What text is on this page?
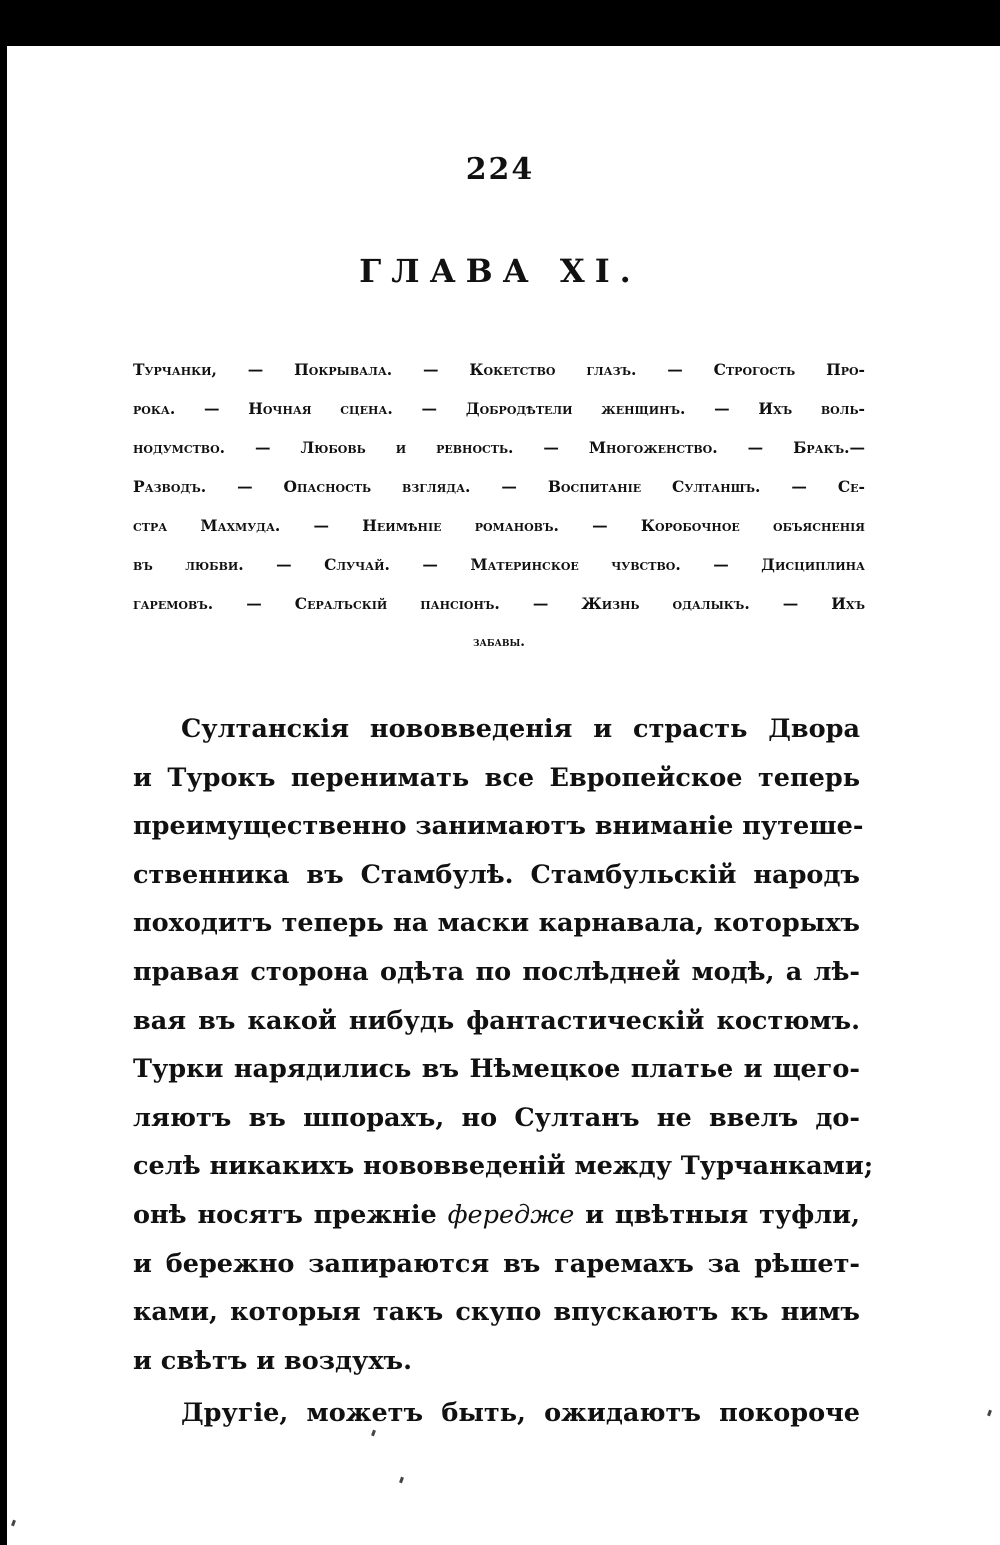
224
ГЛАВА XI.
Турчанки, — Покрывала. — Кокетство глазъ. — Строгость Про-
рока. — Ночная сцена. — Добродѣтели женщинъ. — Ихъ воль-
нодумство. — Любовь и ревность. — Многоженство. — Бракъ.—
Разводъ. — Опасность взгляда. — Воспитанiе Султаншъ. — Се-
стра Махмуда. — Неимѣнiе романовъ. — Коробочное объясненiя
въ любви. — Случай. — Материнское чувство. — Дисциплина
гаремовъ. — Сералъскiй пансiонъ. — Жизнь одалыкъ. — Ихъ
забавы.
Султанскiя нововведенiя и страсть Двора
и Турокъ перенимать все Европейское теперь
преимущественно занимаютъ вниманiе путеше-
ственника въ Стамбулѣ. Стамбульскiй народъ
походитъ теперь на маски карнавала, которыхъ
правая сторона одѣта по послѣдней модѣ, а лѣ-
вая въ какой нибудь фантастическiй костюмъ.
Турки нарядились въ Нѣмецкое платье и щего-
ляютъ въ шпорахъ, но Султанъ не ввелъ до-
селѣ никакихъ нововведенiй между Турчанками;
онѣ носятъ прежнiе фередже и цвѣтныя туфли,
и бережно запираются въ гаремахъ за рѣшет-
ками, которыя такъ скупо впускаютъ къ нимъ
и свѣтъ и воздухъ.
Другiе, можетъ быть, ожидаютъ покороче
